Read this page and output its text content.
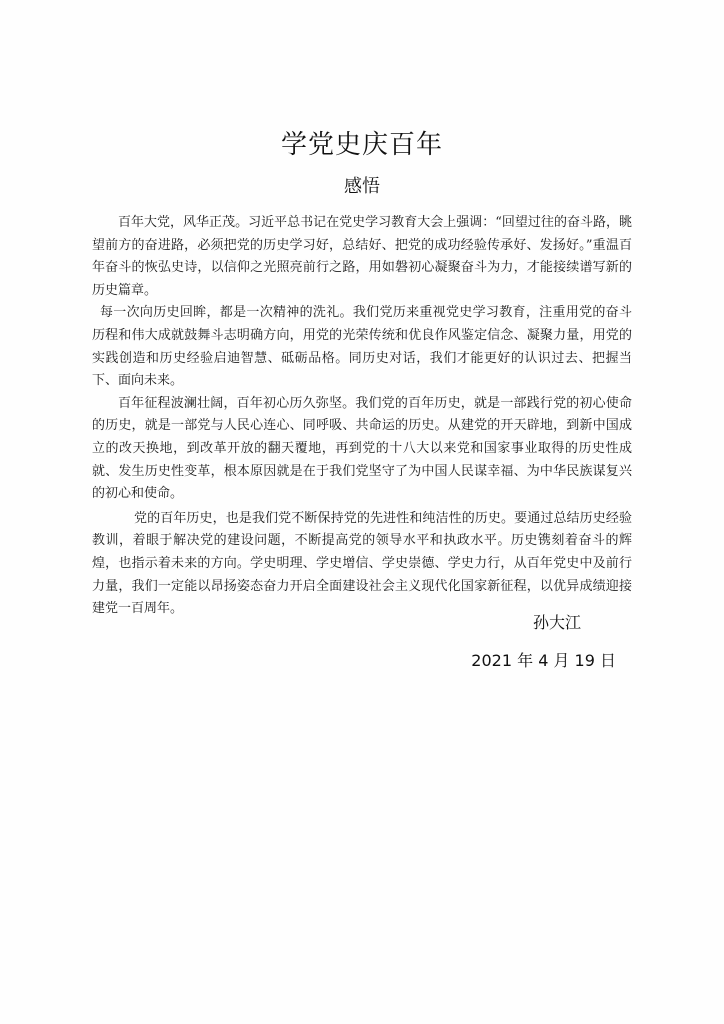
学党史庆百年
感悟

百年大党，风华正茂。习近平总书记在党史学习教育大会上强调：“回望过往的奋斗路，眺望前方的奋进路，必须把党的历史学习好，总结好、把党的成功经验传承好、发扬好。”重温百年奋斗的恢弘史诗，以信仰之光照亮前行之路，用如磐初心凝聚奋斗为力，才能接续谱写新的历史篇章。

每一次向历史回眸，都是一次精神的洗礼。我们党历来重视党史学习教育，注重用党的奋斗历程和伟大成就鼓舞斗志明确方向，用党的光荣传统和优良作风鉴定信念、凝聚力量，用党的实践创造和历史经验启迪智慧、砥砺品格。同历史对话，我们才能更好的认识过去、把握当下、面向未来。

百年征程波澜壮阔，百年初心历久弥坚。我们党的百年历史，就是一部践行党的初心使命的历史，就是一部党与人民心连心、同呼吸、共命运的历史。从建党的开天辟地，到新中国成立的改天换地，到改革开放的翻天覆地，再到党的十八大以来党和国家事业取得的历史性成就、发生历史性变革，根本原因就是在于我们党坚守了为中国人民谋幸福、为中华民族谋复兴的初心和使命。

党的百年历史，也是我们党不断保持党的先进性和纯洁性的历史。要通过总结历史经验教训，着眼于解决党的建设问题，不断提高党的领导水平和执政水平。历史镌刻着奋斗的辉煌，也指示着未来的方向。学史明理、学史增信、学史崇德、学史力行，从百年党史中及前行力量，我们一定能以昂扬姿态奋力开启全面建设社会主义现代化国家新征程，以优异成绩迎接建党一百周年。

孙大江
2021 年 4 月 19 日
